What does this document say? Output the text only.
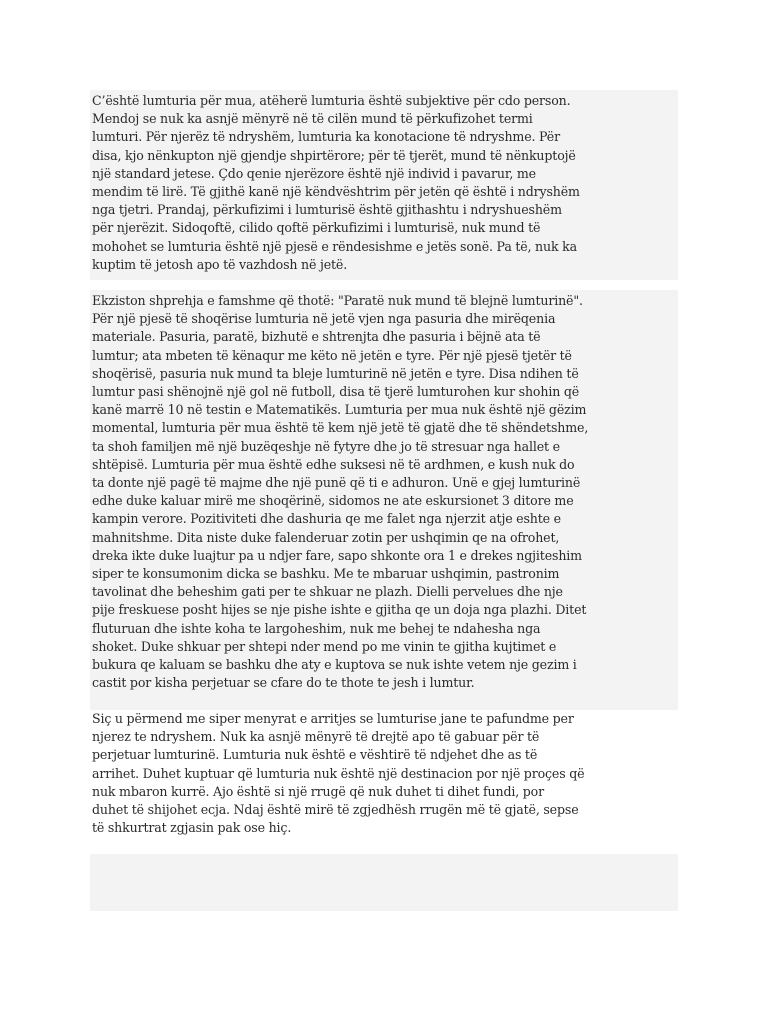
C’është lumturia për mua, atëherë lumturia është subjektive për cdo person.
Mendoj se nuk ka asnjë mënyrë në të cilën mund të përkufizohet termi
lumturi. Për njerëz të ndryshëm, lumturia ka konotacione të ndryshme. Për
disa, kjo nënkupton një gjendje shpirtërore; për të tjerët, mund të nënkuptojë
një standard jetese. Çdo qenie njerëzore është një individ i pavarur, me
mendim të lirë. Të gjithë kanë një këndvështrim për jetën që është i ndryshëm
nga tjetri. Prandaj, përkufizimi i lumturisë është gjithashtu i ndryshueshëm
për njerëzit. Sidoqoftë, cilido qoftë përkufizimi i lumturisë, nuk mund të
mohohet se lumturia është një pjesë e rëndesishme e jetës sonë. Pa të, nuk ka
kuptim të jetosh apo të vazhdosh në jetë.

Ekziston shprehja e famshme që thotë: "Paratë nuk mund të blejnë lumturinë".
Për një pjesë të shoqërise lumturia në jetë vjen nga pasuria dhe mirëqenia
materiale. Pasuria, paratë, bizhutë e shtrenjta dhe pasuria i bëjnë ata të
lumtur; ata mbeten të kënaqur me këto në jetën e tyre. Për një pjesë tjetër të
shoqërisë, pasuria nuk mund ta bleje lumturinë në jetën e tyre. Disa ndihen të
lumtur pasi shënojnë një gol në futboll, disa të tjerë lumturohen kur shohin që
kanë marrë 10 në testin e Matematikës. Lumturia per mua nuk është një gëzim
momental, lumturia për mua është të kem një jetë të gjatë dhe të shëndetshme,
ta shoh familjen më një buzëqeshje në fytyre dhe jo të stresuar nga hallet e
shtëpisë. Lumturia për mua është edhe suksesi në të ardhmen, e kush nuk do
ta donte një pagë të majme dhe një punë që ti e adhuron. Unë e gjej lumturinë
edhe duke kaluar mirë me shoqërinë, sidomos ne ate eskursionet 3 ditore me
kampin verore. Pozitiviteti dhe dashuria qe me falet nga njerzit atje eshte e
mahnitshme. Dita niste duke falenderuar zotin per ushqimin qe na ofrohet,
dreka ikte duke luajtur pa u ndjer fare, sapo shkonte ora 1 e drekes ngjiteshim
siper te konsumonim dicka se bashku. Me te mbaruar ushqimin, pastronim
tavolinat dhe beheshim gati per te shkuar ne plazh. Dielli pervelues dhe nje
pije freskuese posht hijes se nje pishe ishte e gjitha qe un doja nga plazhi. Ditet
fluturuan dhe ishte koha te largoheshim, nuk me behej te ndahesha nga
shoket. Duke shkuar per shtepi nder mend po me vinin te gjitha kujtimet e
bukura qe kaluam se bashku dhe aty e kuptova se nuk ishte vetem nje gezim i
castit por kisha perjetuar se cfare do te thote te jesh i lumtur.

Siç u përmend me siper menyrat e arritjes se lumturise jane te pafundme per
njerez te ndryshem. Nuk ka asnjë mënyrë të drejtë apo të gabuar për të
perjetuar lumturinë. Lumturia nuk është e vështirë të ndjehet dhe as të
arrihet. Duhet kuptuar që lumturia nuk është një destinacion por një proçes që
nuk mbaron kurrë. Ajo është si një rrugë që nuk duhet ti dihet fundi, por
duhet të shijohet ecja. Ndaj është mirë të zgjedhësh rrugën më të gjatë, sepse
të shkurtrat zgjasin pak ose hiç.
